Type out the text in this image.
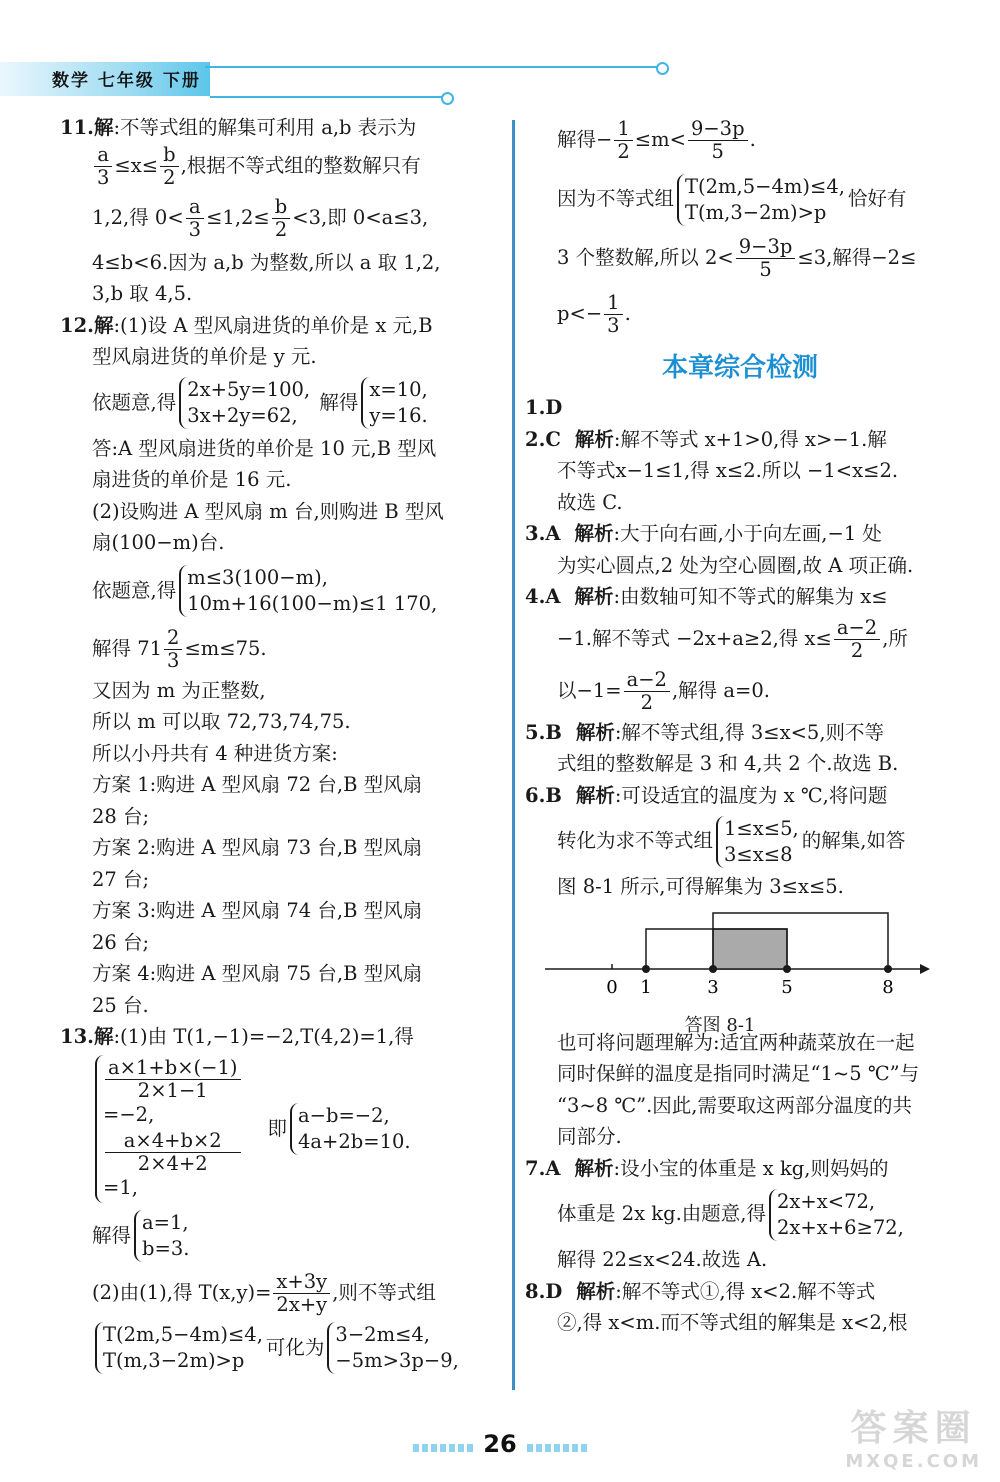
数学 七年级 下册

11.解:不等式组的解集可利用 a,b 表示为

$\frac{a}{3} \le x\le \frac{b}{2}$ ,根据不等式组的整数解只有

1,2,得 $0< \frac{a}{3} \le 1,2\le \frac{b}{2} <3$,即 0<a≤3,

4≤b<6.因为 a,b 为整数,所以 a 取 1,2,

3,b 取 4,5.

12.解:(1)设 A 型风扇进货的单价是 x 元,B

型风扇进货的单价是 y 元.

依题意,得
2x+5y=100,
3x+2y=62,
解得
x=10,
y=16.

答:A 型风扇进货的单价是 10 元,B 型风

扇进货的单价是 16 元.

(2)设购进 A 型风扇 m 台,则购进 B 型风

扇(100−m)台.

依题意,得
m≤3(100−m),
10m+16(100−m)≤1 170,

解得 $71 \frac{2}{3} \le m\le 75$.

又因为 m 为正整数,

所以 m 可以取 72,73,74,75.

所以小丹共有 4 种进货方案:

方案 1:购进 A 型风扇 72 台,B 型风扇

28 台;

方案 2:购进 A 型风扇 73 台,B 型风扇

27 台;

方案 3:购进 A 型风扇 74 台,B 型风扇

26 台;

方案 4:购进 A 型风扇 75 台,B 型风扇

25 台.

13.解:(1)由 T(1,−1)=−2,T(4,2)=1,得

a×1+b×(−1)
2×1−1
=−2,
a×4+b×2
2×4+2
=1,
即
a−b=−2,
4a+2b=10.

解得
a=1,
b=3.

(2)由(1),得 $T(x,y)= \frac{x+3y}{2x+y}$ ,则不等式组

T(2m,5−4m)≤4,
T(m,3−2m)>p
可化为
3−2m≤4,
−5m>3p−9,

解得− $\frac{1}{2} \le m< \frac{9-3p}{5}$ .

因为不等式组
T(2m,5−4m)≤4,
T(m,3−2m)>p
恰好有

3 个整数解,所以 $2< \frac{9-3p}{5} \le 3$,解得−2≤

$p<- \frac{1}{3}$ .

本章综合检测

1.D

2.C 解析:解不等式 x+1>0,得 x>−1.解

不等式x−1≤1,得 x≤2.所以 −1<x≤2.

故选 C.

3.A 解析:大于向右画,小于向左画,−1 处

为实心圆点,2 处为空心圆圈,故 A 项正确.

4.A 解析:由数轴可知不等式的解集为 x≤

−1.解不等式 −2x+a≥2,得 $x\le \frac{a-2}{2}$ ,所

以$-1= \frac{a-2}{2}$ ,解得 a=0.

5.B 解析:解不等式组,得 3≤x<5,则不等

式组的整数解是 3 和 4,共 2 个.故选 B.

6.B 解析:可设适宜的温度为 x ℃,将问题

转化为求不等式组
1≤x≤5,
3≤x≤8
的解集,如答

图 8-1 所示,可得解集为 3≤x≤5.

0 1	3	5	8
答图 8-1

也可将问题理解为:适宜两种蔬菜放在一起

同时保鲜的温度是指同时满足“1~5 ℃”与

“3~8 ℃”.因此,需要取这两部分温度的共

同部分.

7.A 解析:设小宝的体重是 x kg,则妈妈的

体重是 2x kg.由题意,得
2x+x<72,
2x+x+6≥72,

解得 22≤x<24.故选 A.

8.D 解析:解不等式①,得 x<2.解不等式

②,得 x<m.而不等式组的解集是 x<2,根

26	答案圈
MXQE.COM
